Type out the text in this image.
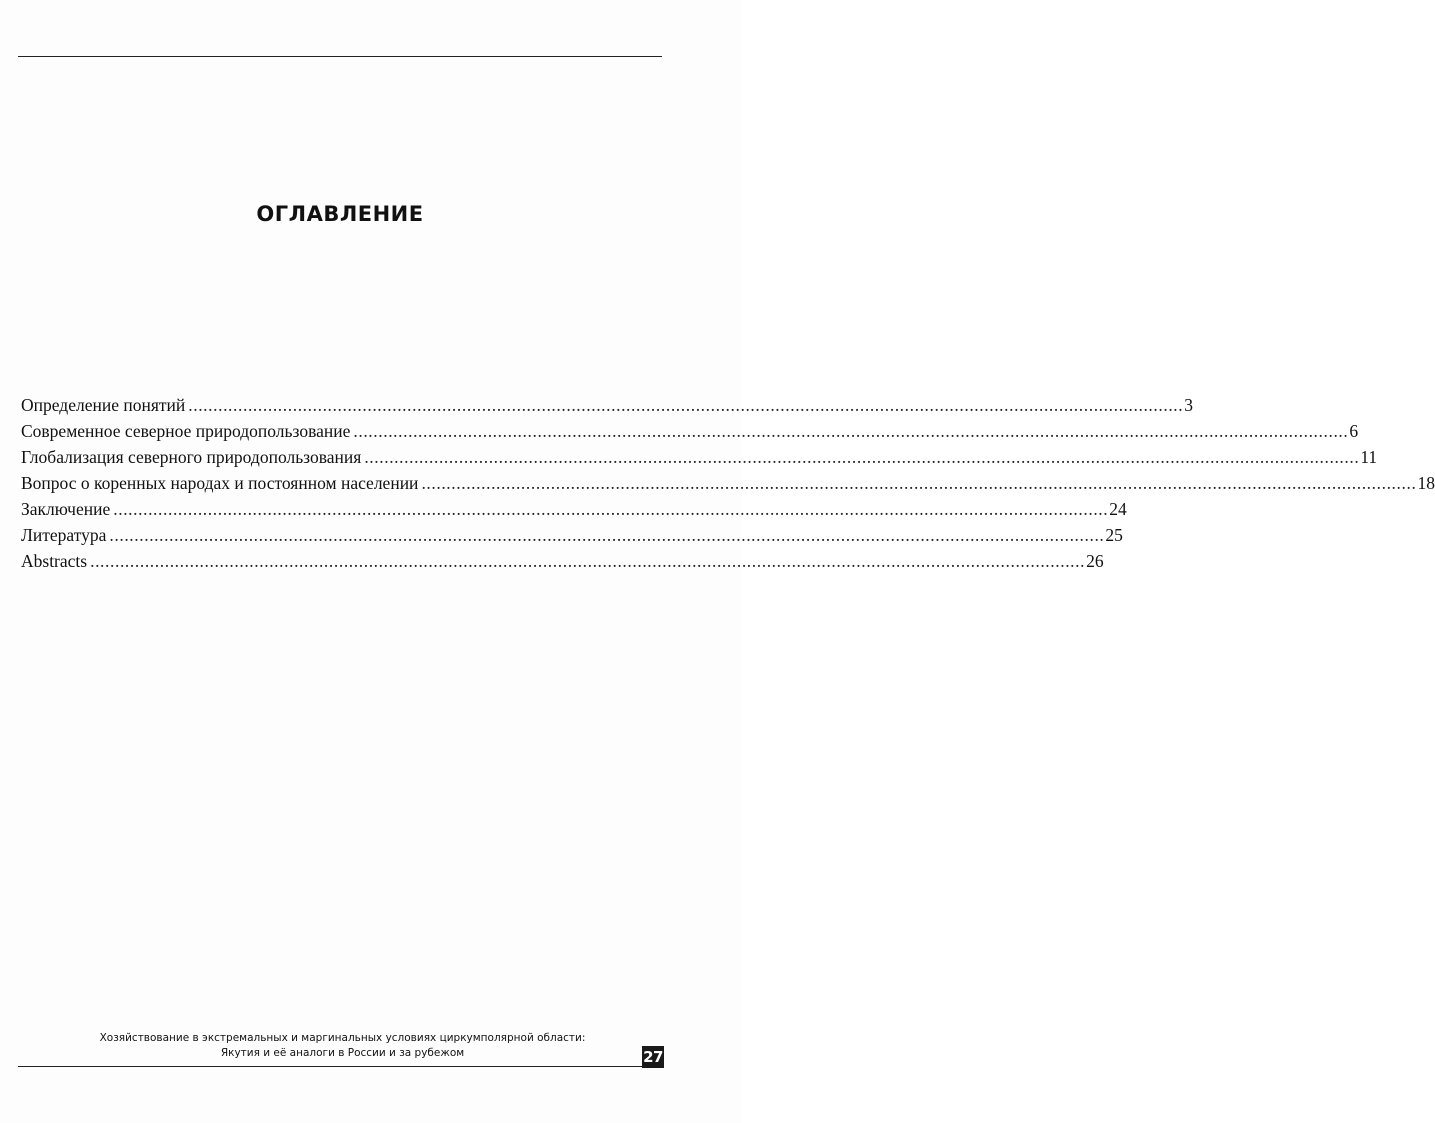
ОГЛАВЛЕНИЕ
Определение понятий ........................................................................................................................................................................................................ 3
Современное северное природопользование ........................................................................................................................................................................................................ 6
Глобализация северного природопользования ........................................................................................................................................................................................................ 11
Вопрос о коренных народах и постоянном населении ........................................................................................................................................................................................................ 18
Заключение ........................................................................................................................................................................................................ 24
Литература ........................................................................................................................................................................................................ 25
Abstracts ........................................................................................................................................................................................................ 26
Хозяйствование в экстремальных и маргинальных условиях циркумполярной области:
Якутия и её аналоги в России и за рубежом	27
